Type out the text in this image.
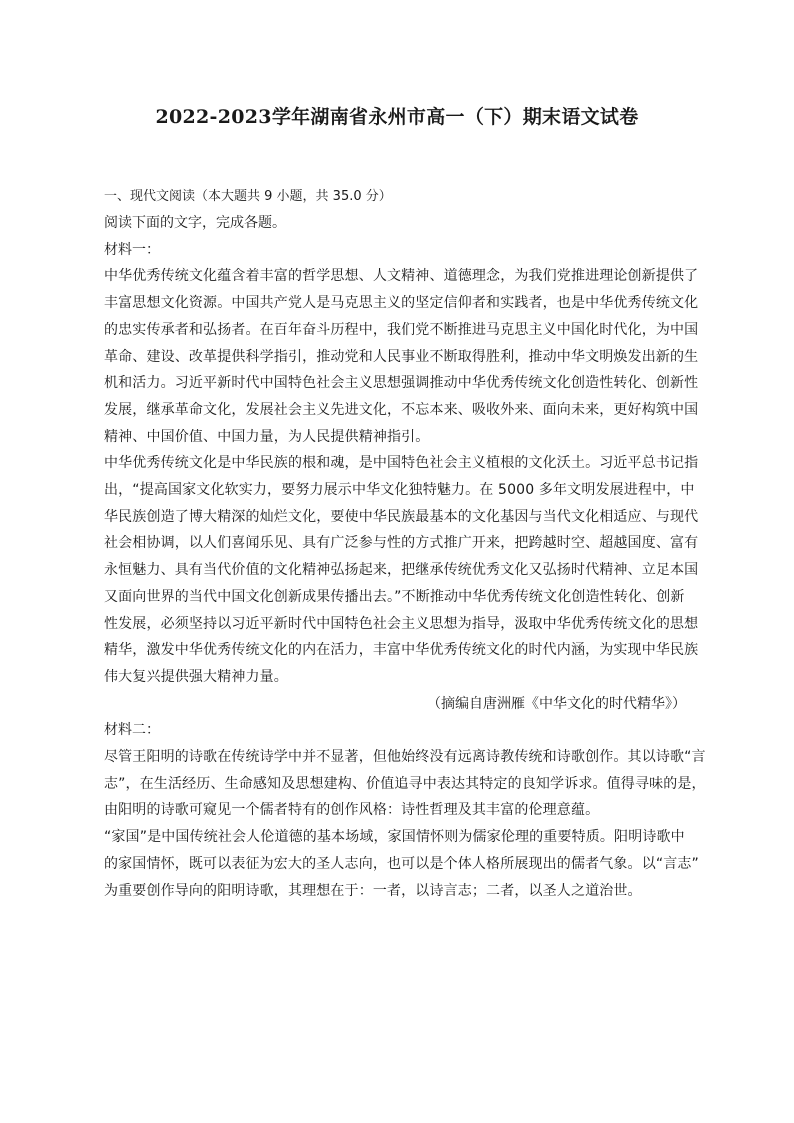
2022-2023学年湖南省永州市高一（下）期末语文试卷

一、现代文阅读（本大题共 9 小题，共 35.0 分）

阅读下面的文字，完成各题。

材料一：

中华优秀传统文化蕴含着丰富的哲学思想、人文精神、道德理念，为我们党推进理论创新提供了
丰富思想文化资源。中国共产党人是马克思主义的坚定信仰者和实践者，也是中华优秀传统文化
的忠实传承者和弘扬者。在百年奋斗历程中，我们党不断推进马克思主义中国化时代化，为中国
革命、建设、改革提供科学指引，推动党和人民事业不断取得胜利，推动中华文明焕发出新的生
机和活力。习近平新时代中国特色社会主义思想强调推动中华优秀传统文化创造性转化、创新性
发展，继承革命文化，发展社会主义先进文化，不忘本来、吸收外来、面向未来，更好构筑中国
精神、中国价值、中国力量，为人民提供精神指引。

中华优秀传统文化是中华民族的根和魂，是中国特色社会主义植根的文化沃土。习近平总书记指
出，“提高国家文化软实力，要努力展示中华文化独特魅力。在 5000 多年文明发展进程中，中
华民族创造了博大精深的灿烂文化，要使中华民族最基本的文化基因与当代文化相适应、与现代
社会相协调，以人们喜闻乐见、具有广泛参与性的方式推广开来，把跨越时空、超越国度、富有
永恒魅力、具有当代价值的文化精神弘扬起来，把继承传统优秀文化又弘扬时代精神、立足本国
又面向世界的当代中国文化创新成果传播出去。”不断推动中华优秀传统文化创造性转化、创新
性发展，必须坚持以习近平新时代中国特色社会主义思想为指导，汲取中华优秀传统文化的思想
精华，激发中华优秀传统文化的内在活力，丰富中华优秀传统文化的时代内涵，为实现中华民族
伟大复兴提供强大精神力量。

（摘编自唐洲雁《中华文化的时代精华》）

材料二：

尽管王阳明的诗歌在传统诗学中并不显著，但他始终没有远离诗教传统和诗歌创作。其以诗歌“言
志”，在生活经历、生命感知及思想建构、价值追寻中表达其特定的良知学诉求。值得寻味的是，
由阳明的诗歌可窥见一个儒者特有的创作风格：诗性哲理及其丰富的伦理意蕴。

“家国”是中国传统社会人伦道德的基本场域，家国情怀则为儒家伦理的重要特质。阳明诗歌中
的家国情怀，既可以表征为宏大的圣人志向，也可以是个体人格所展现出的儒者气象。以“言志”
为重要创作导向的阳明诗歌，其理想在于：一者，以诗言志；二者，以圣人之道治世。
